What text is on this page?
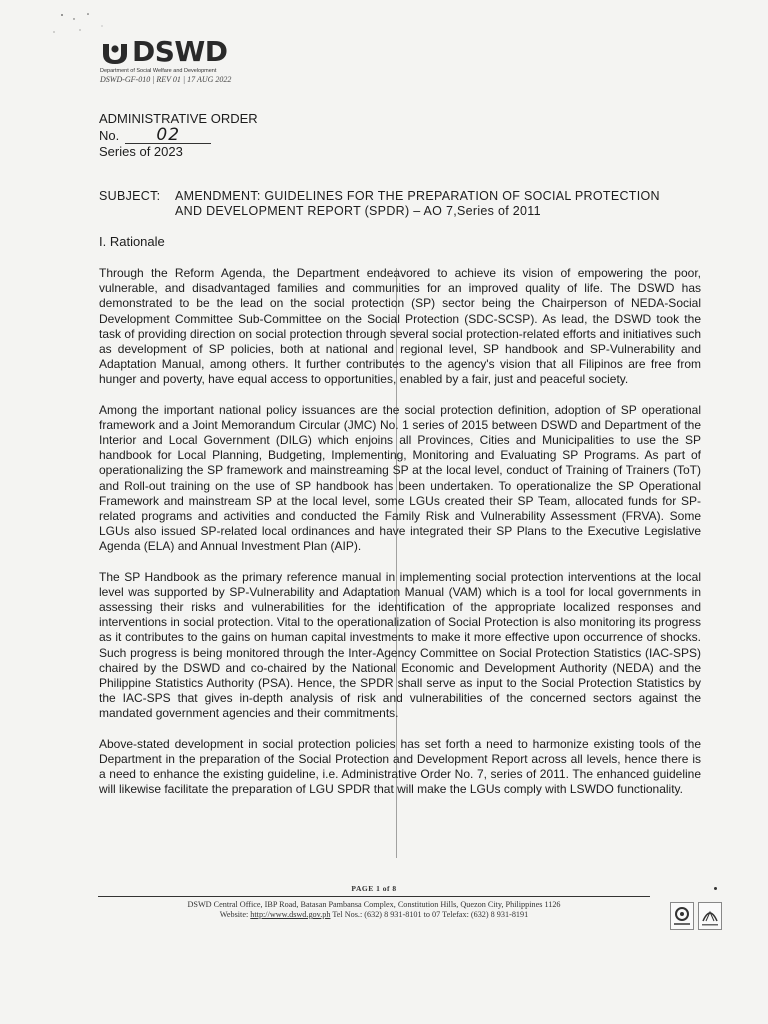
DSWD
Department of Social Welfare and Development
DSWD-GF-010 | REV 01 | 17 AUG 2022
ADMINISTRATIVE ORDER
No.	02
Series of 2023
SUBJECT:	AMENDMENT: GUIDELINES FOR THE PREPARATION OF SOCIAL PROTECTION
AND DEVELOPMENT REPORT (SPDR) – AO 7,Series of 2011
I. Rationale

Through the Reform Agenda, the Department endeavored to achieve its vision of empowering the poor, vulnerable, and disadvantaged families and communities for an improved quality of life. The DSWD has demonstrated to be the lead on the social protection (SP) sector being the Chairperson of NEDA-Social Development Committee Sub-Committee on the Social Protection (SDC-SCSP). As lead, the DSWD took the task of providing direction on social protection through several social protection-related efforts and initiatives such as development of SP policies, both at national and regional level, SP handbook and SP-Vulnerability and Adaptation Manual, among others. It further contributes to the agency's vision that all Filipinos are free from hunger and poverty, have equal access to opportunities, enabled by a fair, just and peaceful society.

Among the important national policy issuances are the social protection definition, adoption of SP operational framework and a Joint Memorandum Circular (JMC) No. 1 series of 2015 between DSWD and Department of the Interior and Local Government (DILG) which enjoins all Provinces, Cities and Municipalities to use the SP handbook for Local Planning, Budgeting, Implementing, Monitoring and Evaluating SP Programs. As part of operationalizing the SP framework and mainstreaming SP at the local level, conduct of Training of Trainers (ToT) and Roll-out training on the use of SP handbook has been undertaken. To operationalize the SP Operational Framework and mainstream SP at the local level, some LGUs created their SP Team, allocated funds for SP-related programs and activities and conducted the Family Risk and Vulnerability Assessment (FRVA). Some LGUs also issued SP-related local ordinances and have integrated their SP Plans to the Executive Legislative Agenda (ELA) and Annual Investment Plan (AIP).

The SP Handbook as the primary reference manual in implementing social protection interventions at the local level was supported by SP-Vulnerability and Adaptation Manual (VAM) which is a tool for local governments in assessing their risks and vulnerabilities for the identification of the appropriate localized responses and interventions in social protection. Vital to the operationalization of Social Protection is also monitoring its progress as it contributes to the gains on human capital investments to make it more effective upon occurrence of shocks. Such progress is being monitored through the Inter-Agency Committee on Social Protection Statistics (IAC-SPS) chaired by the DSWD and co-chaired by the National Economic and Development Authority (NEDA) and the Philippine Statistics Authority (PSA). Hence, the SPDR shall serve as input to the Social Protection Statistics by the IAC-SPS that gives in-depth analysis of risk and vulnerabilities of the concerned sectors against the mandated government agencies and their commitments.

Above-stated development in social protection policies has set forth a need to harmonize existing tools of the Department in the preparation of the Social Protection and Development Report across all levels, hence there is a need to enhance the existing guideline, i.e. Administrative Order No. 7, series of 2011. The enhanced guideline will likewise facilitate the preparation of LGU SPDR that will make the LGUs comply with LSWDO functionality.

PAGE 1 of 8
DSWD Central Office, IBP Road, Batasan Pambansa Complex, Constitution Hills, Quezon City, Philippines 1126
Website: http://www.dswd.gov.ph Tel Nos.: (632) 8 931-8101 to 07 Telefax: (632) 8 931-8191
